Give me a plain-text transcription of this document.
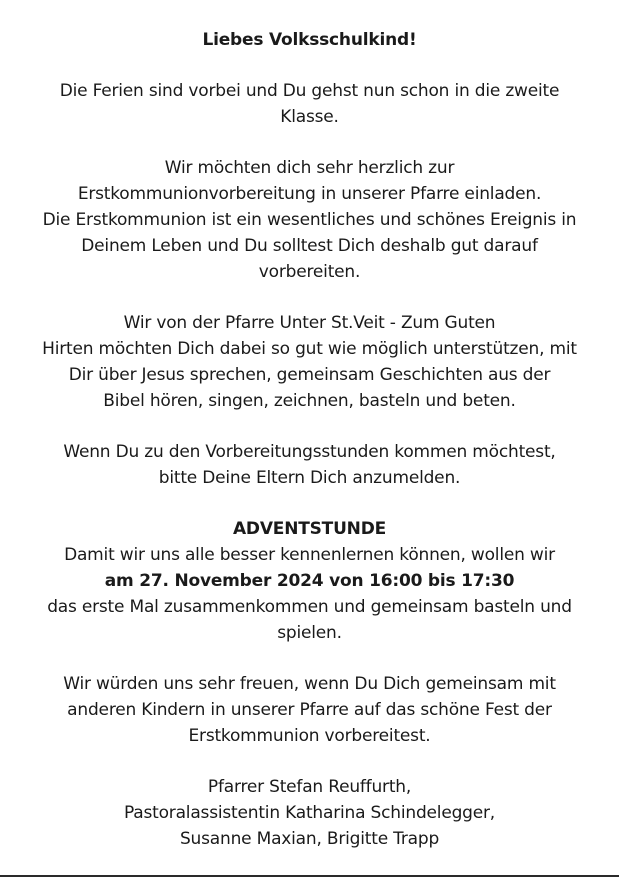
Liebes Volksschulkind!
Die Ferien sind vorbei und Du gehst nun schon in die zweite
Klasse.
Wir möchten dich sehr herzlich zur
Erstkommunionvorbereitung in unserer Pfarre einladen.
Die Erstkommunion ist ein wesentliches und schönes Ereignis in
Deinem Leben und Du solltest Dich deshalb gut darauf
vorbereiten.
Wir von der Pfarre Unter St.Veit - Zum Guten
Hirten möchten Dich dabei so gut wie möglich unterstützen, mit
Dir über Jesus sprechen, gemeinsam Geschichten aus der
Bibel hören, singen, zeichnen, basteln und beten.
Wenn Du zu den Vorbereitungsstunden kommen möchtest,
bitte Deine Eltern Dich anzumelden.
ADVENTSTUNDE
Damit wir uns alle besser kennenlernen können, wollen wir
am 27. November 2024 von 16:00 bis 17:30
das erste Mal zusammenkommen und gemeinsam basteln und
spielen.
Wir würden uns sehr freuen, wenn Du Dich gemeinsam mit
anderen Kindern in unserer Pfarre auf das schöne Fest der
Erstkommunion vorbereitest.
Pfarrer Stefan Reuffurth,
Pastoralassistentin Katharina Schindelegger,
Susanne Maxian, Brigitte Trapp
